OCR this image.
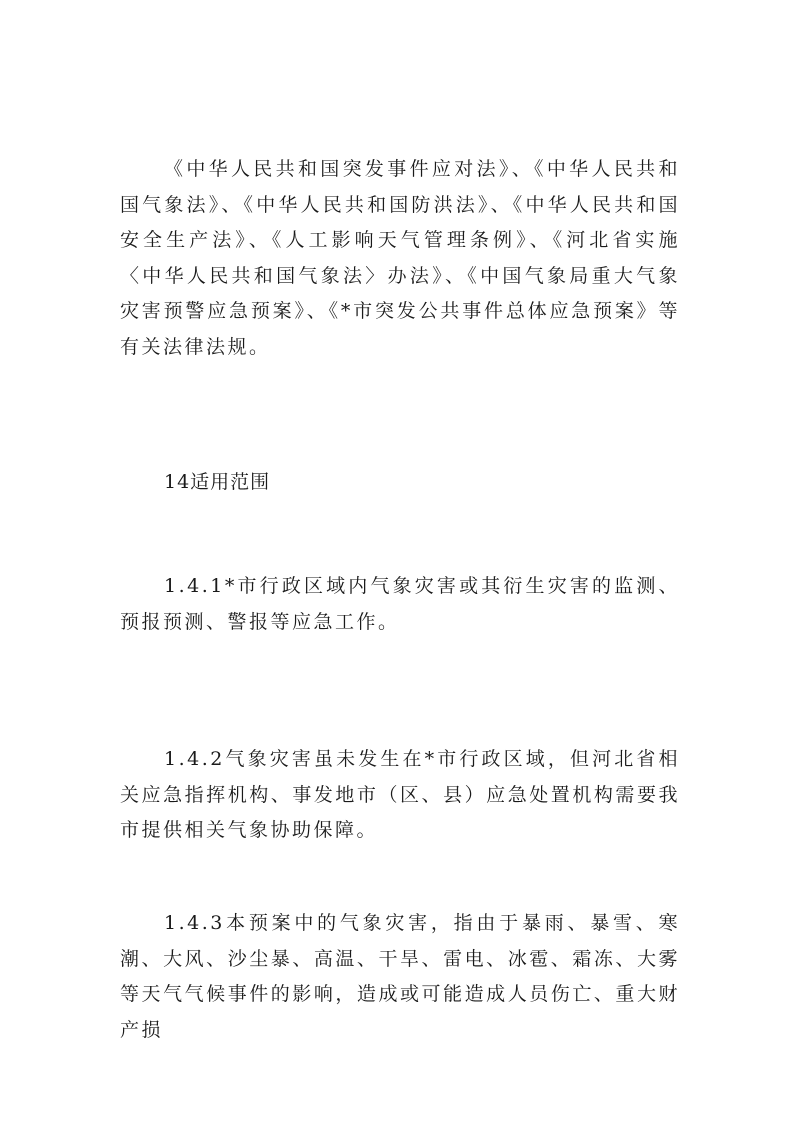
《中华人民共和国突发事件应对法》、《中华人民共和国气象法》、《中华人民共和国防洪法》、《中华人民共和国安全生产法》、《人工影响天气管理条例》、《河北省实施〈中华人民共和国气象法〉办法》、《中国气象局重大气象灾害预警应急预案》、《*市突发公共事件总体应急预案》等有关法律法规。

14适用范围

1.4.1*市行政区域内气象灾害或其衍生灾害的监测、预报预测、警报等应急工作。

1.4.2气象灾害虽未发生在*市行政区域，但河北省相关应急指挥机构、事发地市（区、县）应急处置机构需要我市提供相关气象协助保障。

1.4.3本预案中的气象灾害，指由于暴雨、暴雪、寒潮、大风、沙尘暴、高温、干旱、雷电、冰雹、霜冻、大雾等天气气候事件的影响，造成或可能造成人员伤亡、重大财产损
